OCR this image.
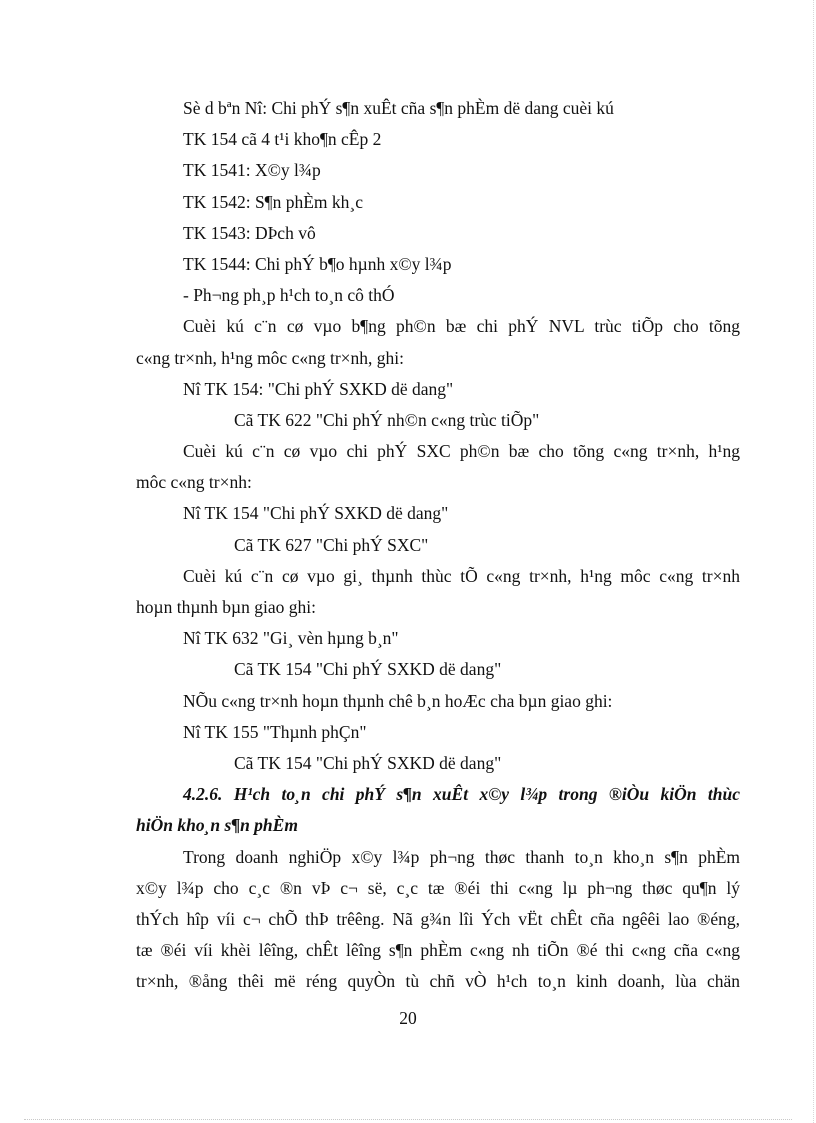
Sè d bªn Nî: Chi phÝ s¶n xuÊt cña s¶n phÈm dë dang cuèi kú
TK 154 cã 4 t¹i kho¶n cÊp 2
TK 1541: X©y l¾p
TK 1542: S¶n phÈm kh¸c
TK 1543: DÞch vô
TK 1544: Chi phÝ b¶o hµnh x©y l¾p
- Ph¬ng ph¸p h¹ch to¸n cô thÓ
Cuèi kú c¨n cø vµo b¶ng ph©n bæ chi phÝ NVL trùc tiÕp cho tõng
c«ng tr×nh, h¹ng môc c«ng tr×nh, ghi:
Nî TK 154: "Chi phÝ SXKD dë dang"
Cã TK 622 "Chi phÝ nh©n c«ng trùc tiÕp"
Cuèi kú c¨n cø vµo chi phÝ SXC ph©n bæ cho tõng c«ng tr×nh, h¹ng
môc c«ng tr×nh:
Nî TK 154 "Chi phÝ SXKD dë dang"
Cã TK 627 "Chi phÝ SXC"
Cuèi kú c¨n cø vµo gi¸ thµnh thùc tÕ c«ng tr×nh, h¹ng môc c«ng tr×nh
hoµn thµnh bµn giao ghi:
Nî TK 632 "Gi¸ vèn hµng b¸n"
Cã TK 154 "Chi phÝ SXKD dë dang"
NÕu c«ng tr×nh hoµn thµnh chê b¸n hoÆc cha bµn giao ghi:
Nî TK 155 "Thµnh phÇn"
Cã TK 154 "Chi phÝ SXKD dë dang"
4.2.6. H¹ch to¸n chi phÝ s¶n xuÊt x©y l¾p trong ®iÒu kiÖn thùc
hiÖn kho¸n s¶n phÈm
Trong doanh nghiÖp x©y l¾p ph¬ng thøc thanh to¸n kho¸n s¶n phÈm
x©y l¾p cho c¸c ®n vÞ c¬ së, c¸c tæ ®éi thi c«ng lµ ph¬ng thøc qu¶n lý
thÝch hîp víi c¬ chÕ thÞ trêêng. Nã g¾n lîi Ých vËt chÊt cña ngêêi lao ®éng,
tæ ®éi víi khèi lêîng, chÊt lêîng s¶n phÈm c«ng nh tiÕn ®é thi c«ng cña c«ng
tr×nh, ®ång thêi më réng quyÒn tù chñ vÒ h¹ch to¸n kinh doanh, lùa chän
20
